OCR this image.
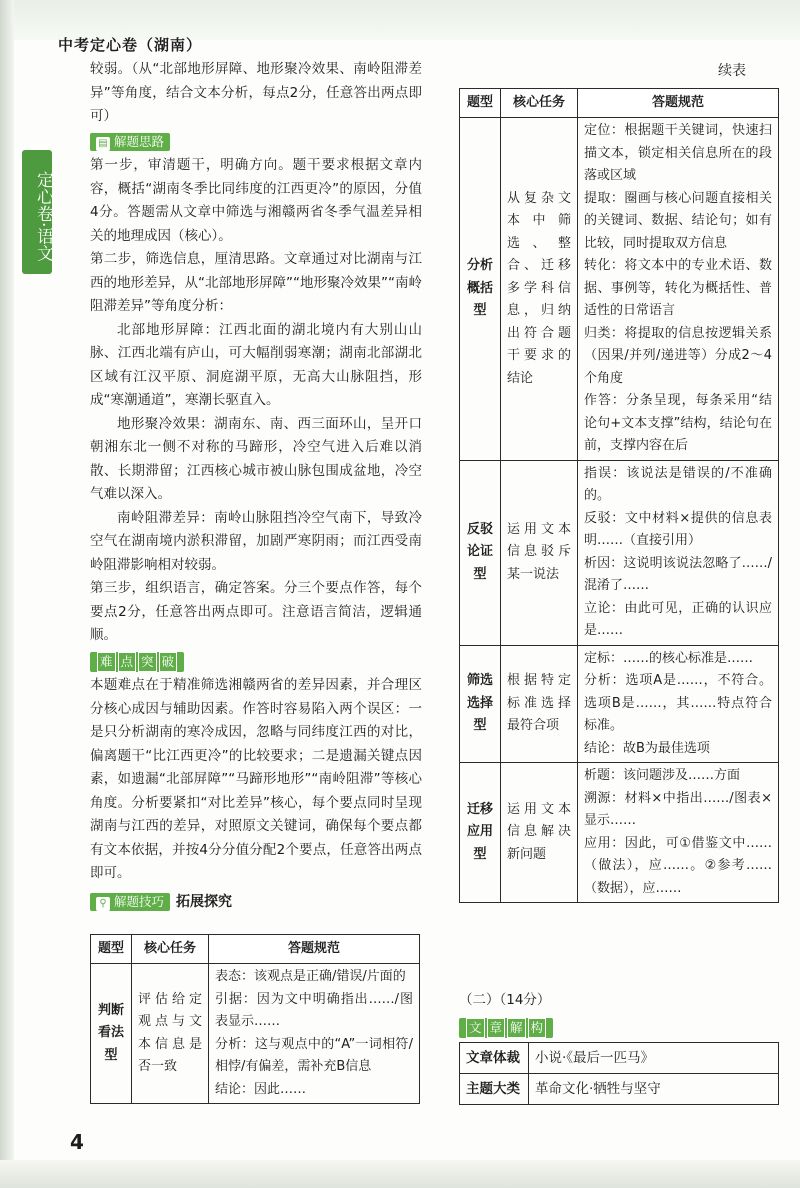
中考定心卷（湖南）
定心卷·语文

较弱。（从“北部地形屏障、地形聚冷效果、南岭阻滞差异”等角度，结合文本分析，每点2分，任意答出两点即可）

▤ 解题思路

第一步，审清题干，明确方向。题干要求根据文章内容，概括“湖南冬季比同纬度的江西更冷”的原因，分值4分。答题需从文章中筛选与湘赣两省冬季气温差异相关的地理成因（核心）。

第二步，筛选信息，厘清思路。文章通过对比湖南与江西的地形差异，从“北部地形屏障”“地形聚冷效果”“南岭阻滞差异”等角度分析：

北部地形屏障：江西北面的湖北境内有大别山山脉、江西北端有庐山，可大幅削弱寒潮；湖南北部湖北区域有江汉平原、洞庭湖平原，无高大山脉阻挡，形成“寒潮通道”，寒潮长驱直入。

地形聚冷效果：湖南东、南、西三面环山，呈开口朝湘东北一侧不对称的马蹄形，冷空气进入后难以消散、长期滞留；江西核心城市被山脉包围成盆地，冷空气难以深入。

南岭阻滞差异：南岭山脉阻挡冷空气南下，导致冷空气在湖南境内淤积滞留，加剧严寒阴雨；而江西受南岭阻滞影响相对较弱。

第三步，组织语言，确定答案。分三个要点作答，每个要点2分，任意答出两点即可。注意语言简洁，逻辑通顺。

难 点 突 破

本题难点在于精准筛选湘赣两省的差异因素，并合理区分核心成因与辅助因素。作答时容易陷入两个误区：一是只分析湖南的寒冷成因，忽略与同纬度江西的对比，偏离题干“比江西更冷”的比较要求；二是遗漏关键点因素，如遗漏“北部屏障”“马蹄形地形”“南岭阻滞”等核心角度。分析要紧扣“对比差异”核心，每个要点同时呈现湖南与江西的差异，对照原文关键词，确保每个要点都有文本依据，并按4分分值分配2个要点，任意答出两点即可。

⚲ 解题技巧 拓展探究
题型	核心任务	答题规范
判断看法型	评估给定观点与文本信息是否一致	表态：该观点是正确/错误/片面的
引据：因为文中明确指出……/图表显示……
分析：这与观点中的“A”一词相符/相悖/有偏差，需补充B信息
结论：因此……
续表
题型	核心任务	答题规范
分析概括型	从复杂文本中筛选、整合、迁移多学科信息，归纳出符合题干要求的结论	定位：根据题干关键词，快速扫描文本，锁定相关信息所在的段落或区域
提取：圈画与核心问题直接相关的关键词、数据、结论句；如有比较，同时提取双方信息
转化：将文本中的专业术语、数据、事例等，转化为概括性、普适性的日常语言
归类：将提取的信息按逻辑关系（因果/并列/递进等）分成2～4个角度
作答：分条呈现，每条采用“结论句+文本支撑”结构，结论句在前，支撑内容在后

反驳论证型	运用文本信息驳斥某一说法	指误：该说法是错误的/不准确的。
反驳：文中材料×提供的信息表明……（直接引用）
析因：这说明该说法忽略了……/混淆了……
立论：由此可见，正确的认识应是……

筛选选择型	根据特定标准选择最符合项	定标：……的核心标准是……
分析：选项A是……，不符合。选项B是……，其……特点符合标准。
结论：故B为最佳选项

迁移应用型	运用文本信息解决新问题	析题：该问题涉及……方面
溯源：材料×中指出……/图表×显示……
应用：因此，可①借鉴文中……（做法），应……。②参考……（数据），应……
（二）（14分）
文 章 解 构
文章体裁	小说·《最后一匹马》
主题大类	革命文化·牺牲与坚守
4
